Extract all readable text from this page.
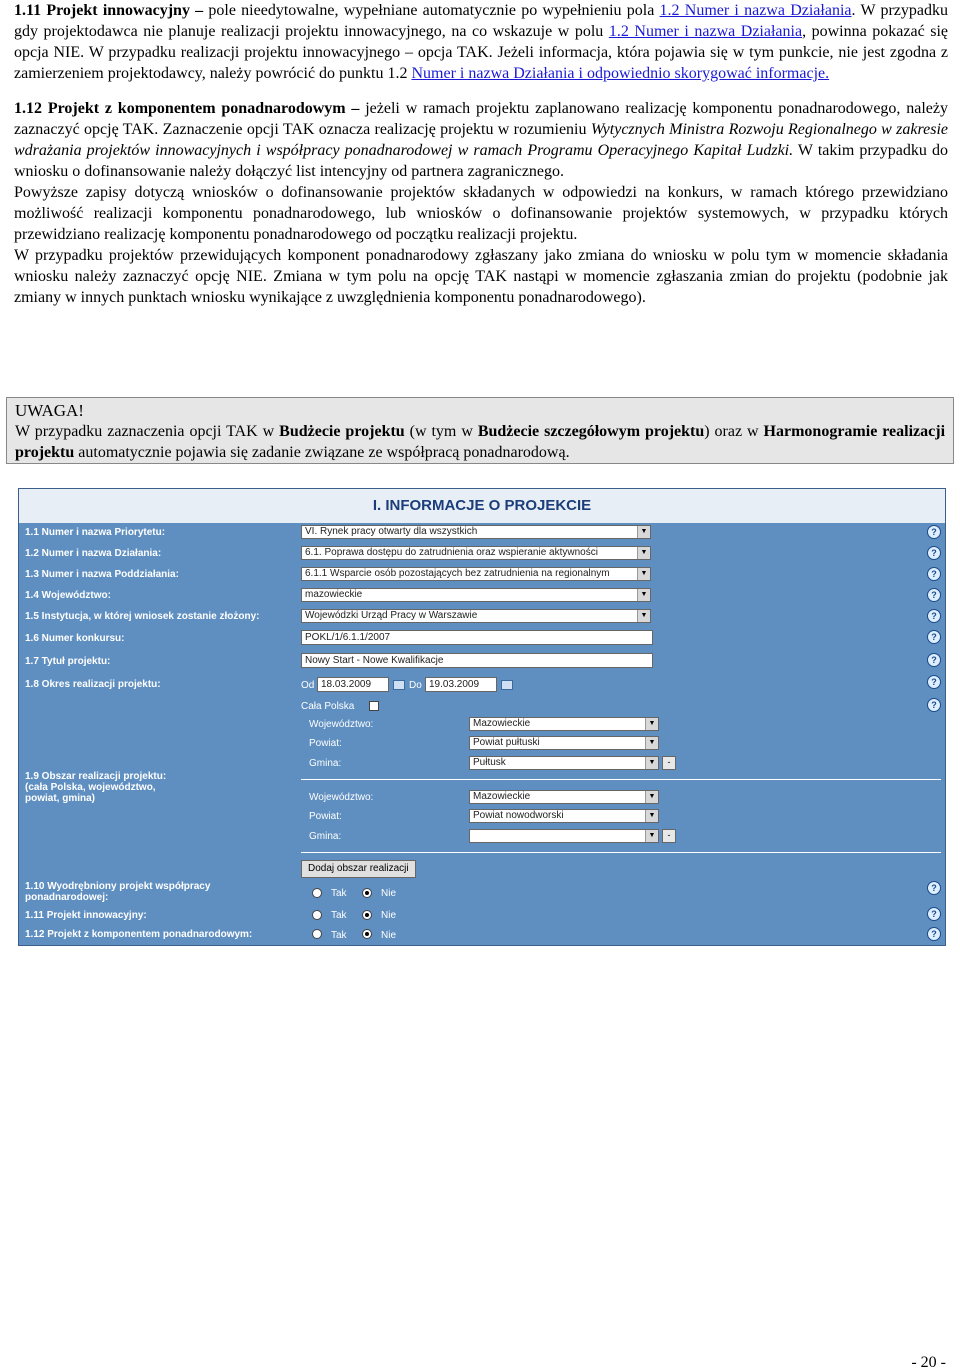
1.11 Projekt innowacyjny – pole nieedytowalne, wypełniane automatycznie po wypełnieniu pola 1.2 Numer i nazwa Działania. W przypadku gdy projektodawca nie planuje realizacji projektu innowacyjnego, na co wskazuje w polu 1.2 Numer i nazwa Działania, powinna pokazać się opcja NIE. W przypadku realizacji projektu innowacyjnego – opcja TAK. Jeżeli informacja, która pojawia się w tym punkcie, nie jest zgodna z zamierzeniem projektodawcy, należy powrócić do punktu 1.2 Numer i nazwa Działania i odpowiednio skorygować informacje.

1.12 Projekt z komponentem ponadnarodowym – jeżeli w ramach projektu zaplanowano realizację komponentu ponadnarodowego, należy zaznaczyć opcję TAK. Zaznaczenie opcji TAK oznacza realizację projektu w rozumieniu Wytycznych Ministra Rozwoju Regionalnego w zakresie wdrażania projektów innowacyjnych i współpracy ponadnarodowej w ramach Programu Operacyjnego Kapitał Ludzki. W takim przypadku do wniosku o dofinansowanie należy dołączyć list intencyjny od partnera zagranicznego.

Powyższe zapisy dotyczą wniosków o dofinansowanie projektów składanych w odpowiedzi na konkurs, w ramach którego przewidziano możliwość realizacji komponentu ponadnarodowego, lub wniosków o dofinansowanie projektów systemowych, w przypadku których przewidziano realizację komponentu ponadnarodowego od początku realizacji projektu.

W przypadku projektów przewidujących komponent ponadnarodowy zgłaszany jako zmiana do wniosku w polu tym w momencie składania wniosku należy zaznaczyć opcję NIE. Zmiana w tym polu na opcję TAK nastąpi w momencie zgłaszania zmian do projektu (podobnie jak zmiany w innych punktach wniosku wynikające z uwzględnienia komponentu ponadnarodowego).

UWAGA!
W przypadku zaznaczenia opcji TAK w Budżecie projektu (w tym w Budżecie szczegółowym projektu) oraz w Harmonogramie realizacji projektu automatycznie pojawia się zadanie związane ze współpracą ponadnarodową.
I. INFORMACJE O PROJEKCIE
1.1 Numer i nazwa Priorytetu:	VI. Rynek pracy otwarty dla wszystkich	▼	?
1.2 Numer i nazwa Działania:	6.1. Poprawa dostępu do zatrudnienia oraz wspieranie aktywności	▼	?
1.3 Numer i nazwa Poddziałania:	6.1.1 Wsparcie osób pozostających bez zatrudnienia na regionalnym	▼	?
1.4 Województwo:	mazowieckie	▼	?
1.5 Instytucja, w której wniosek zostanie złożony:	Wojewódzki Urząd Pracy w Warszawie	▼	?
1.6 Numer konkursu:	POKL/1/6.1.1/2007	?
1.7 Tytuł projektu:	Nowy Start - Nowe Kwalifikacje	?
1.8 Okres realizacji projektu:	Od 18.03.2009	Do 19.03.2009	?
?
Cała Polska
Województwo:	Mazowieckie	▼
Powiat:	Powiat pułtuski	▼
Gmina:	Pułtusk	▼	-
1.9 Obszar realizacji projektu:
(cała Polska, województwo,
powiat, gmina)	Województwo:	Mazowieckie	▼
Powiat:	Powiat nowodworski	▼
Gmina:	▼	-
Dodaj obszar realizacji
1.10 Wyodrębniony projekt współpracy
ponadnarodowej:	Tak	Nie	?
1.11 Projekt innowacyjny:	Tak	Nie	?
1.12 Projekt z komponentem ponadnarodowym:	Tak	Nie	?
- 20 -
